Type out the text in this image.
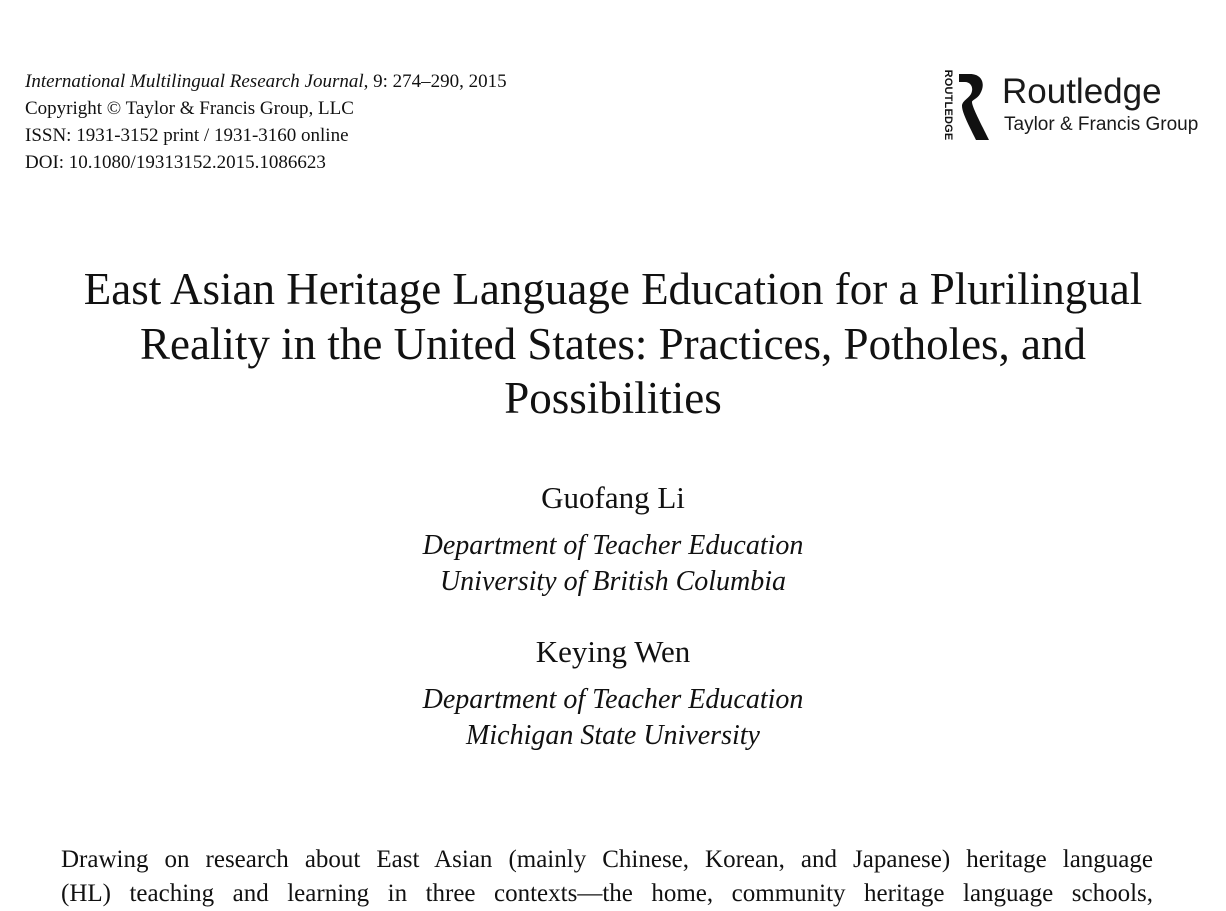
International Multilingual Research Journal, 9: 274–290, 2015
Copyright © Taylor & Francis Group, LLC
ISSN: 1931-3152 print / 1931-3160 online
DOI: 10.1080/19313152.2015.1086623
ROUTLEDGE Routledge
Taylor & Francis Group
East Asian Heritage Language Education for a Plurilingual
Reality in the United States: Practices, Potholes, and
Possibilities
Guofang Li
Department of Teacher Education
University of British Columbia
Keying Wen
Department of Teacher Education
Michigan State University
Drawing on research about East Asian (mainly Chinese, Korean, and Japanese) heritage language
(HL) teaching and learning in three contexts—the home, community heritage language schools,
